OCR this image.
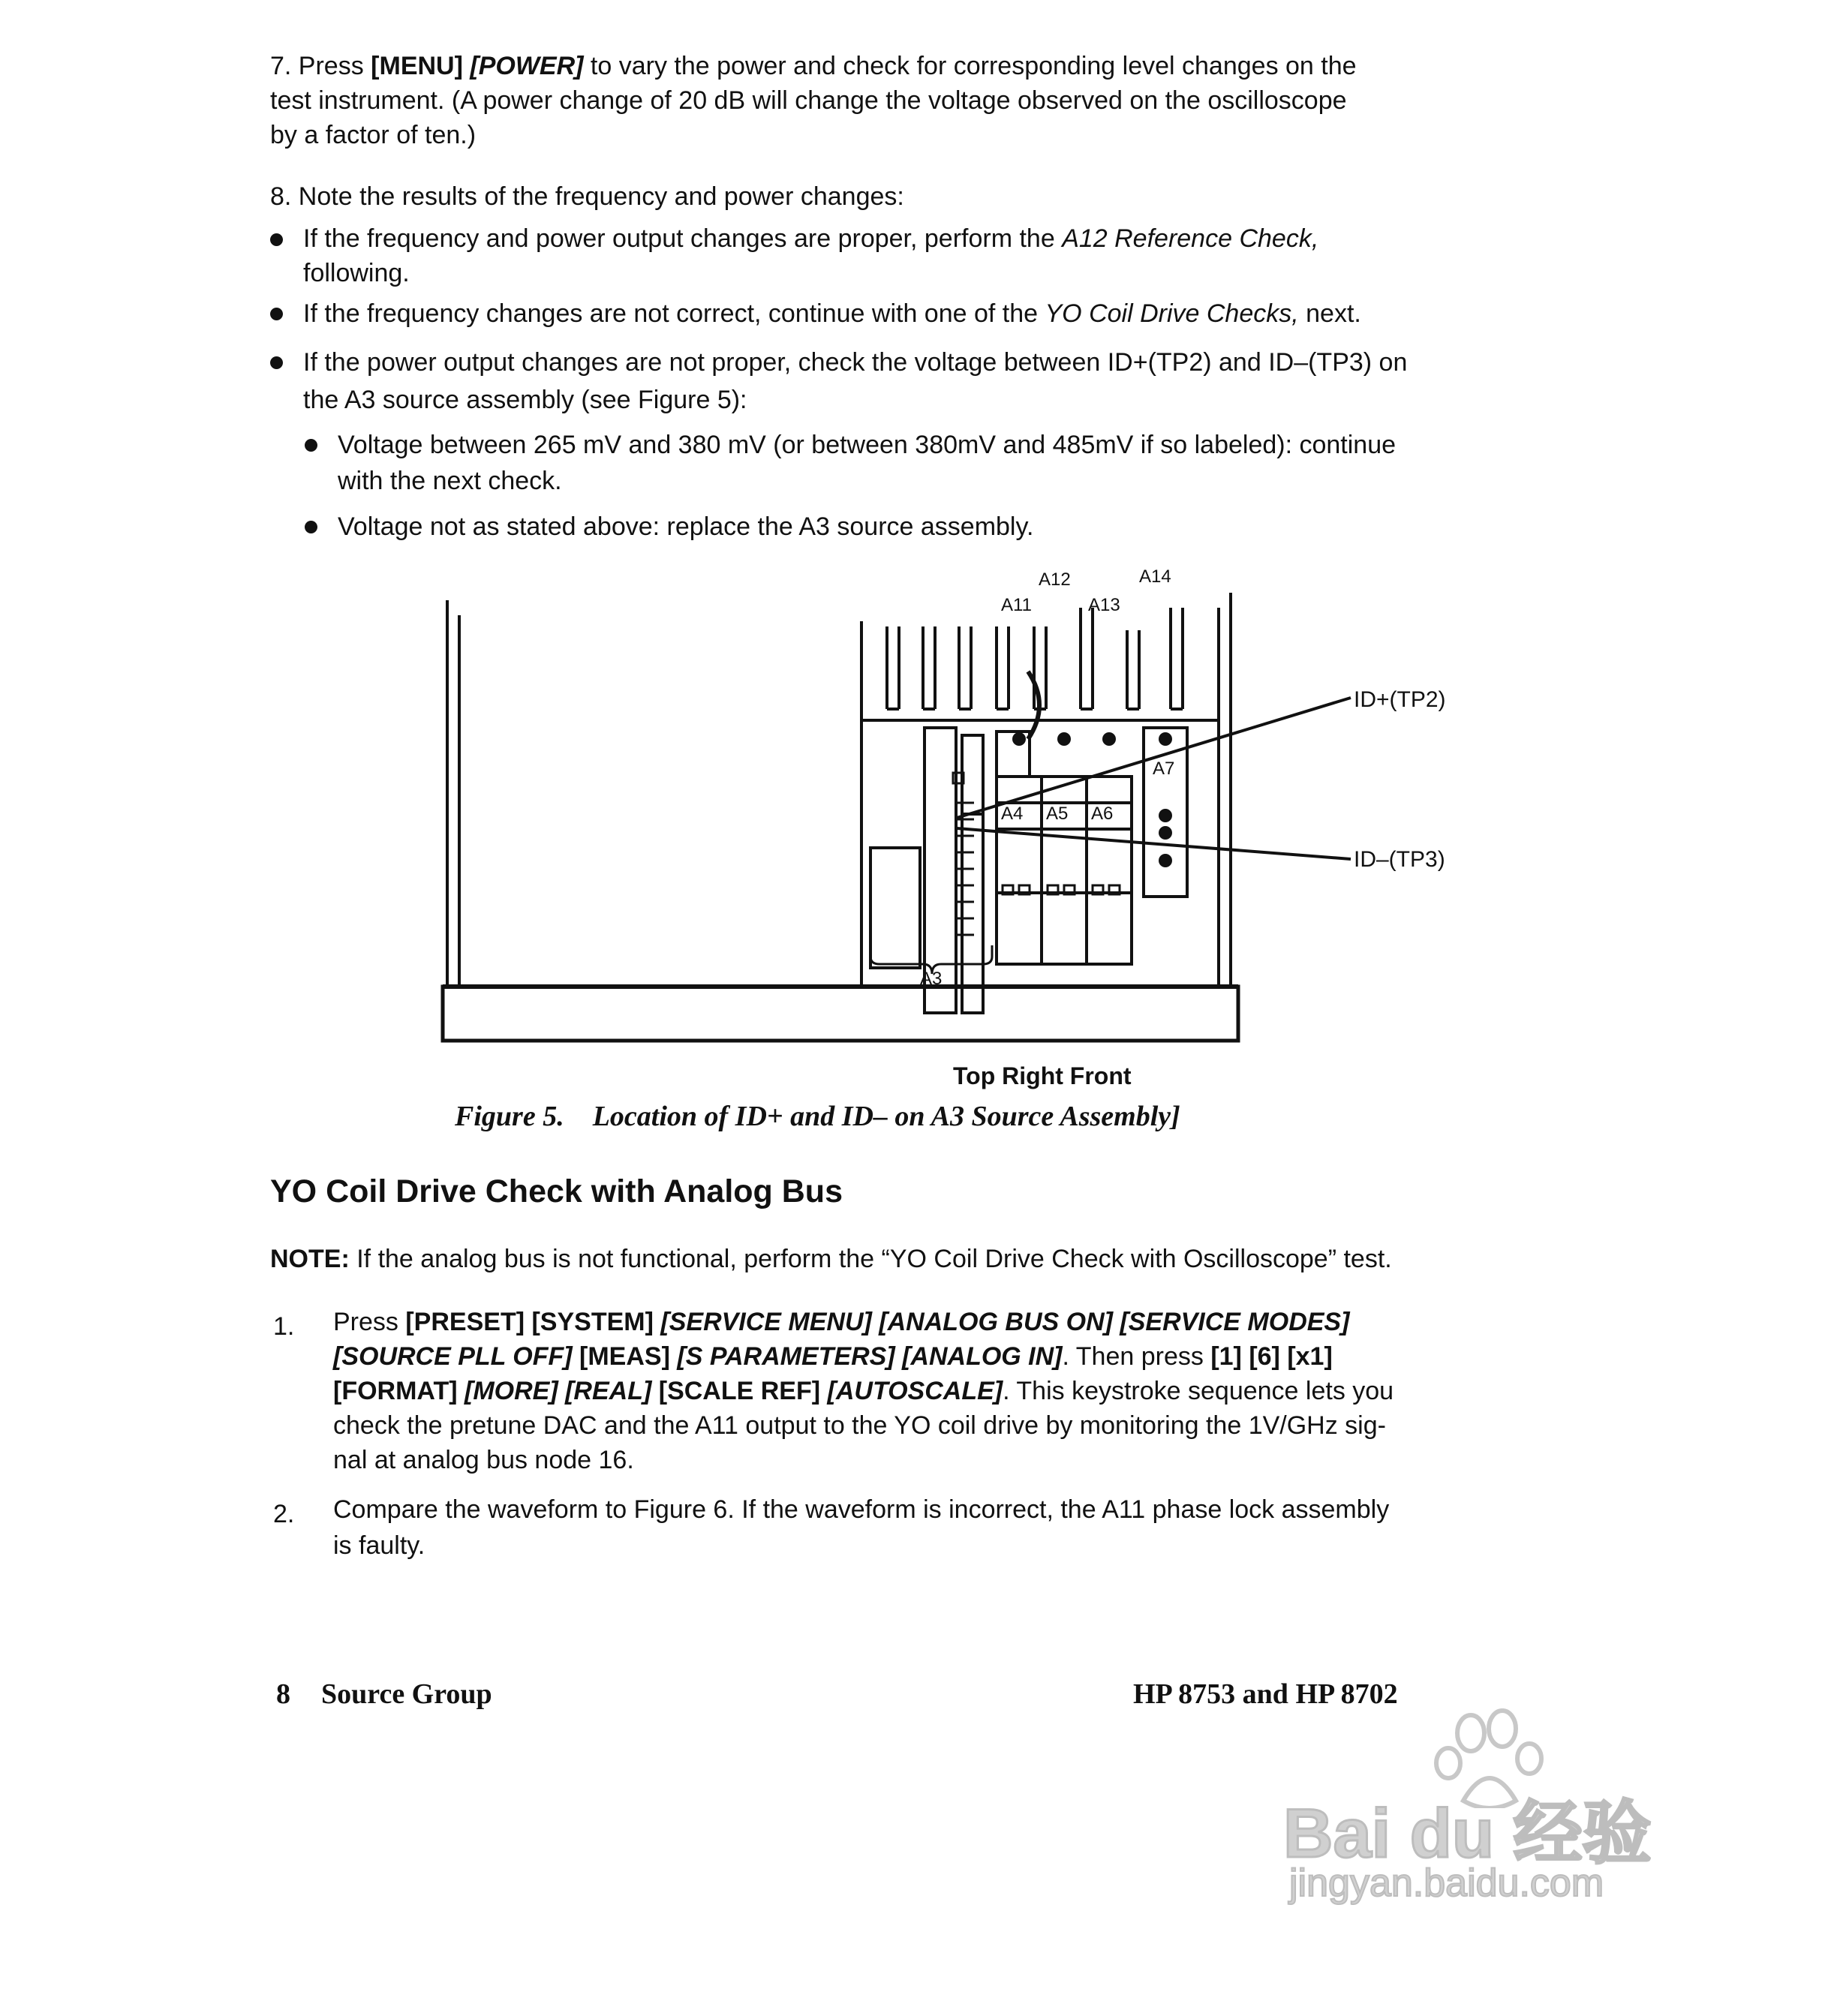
7. Press [MENU] [POWER] to vary the power and check for corresponding level changes on the
test instrument. (A power change of 20 dB will change the voltage observed on the oscilloscope
by a factor of ten.)
8. Note the results of the frequency and power changes:
If the frequency and power output changes are proper, perform the A12 Reference Check,
following.
If the frequency changes are not correct, continue with one of the YO Coil Drive Checks, next.
If the power output changes are not proper, check the voltage between ID+(TP2) and ID–(TP3) on
the A3 source assembly (see Figure 5):
Voltage between 265 mV and 380 mV (or between 380mV and 485mV if so labeled): continue
with the next check.
Voltage not as stated above: replace the A3 source assembly.
A11
A12
A13
A14
A4 A5 A6
A7
A3
ID+(TP2)
ID–(TP3)
Top Right Front
Figure 5. Location of ID+ and ID– on A3 Source Assembly]
YO Coil Drive Check with Analog Bus
NOTE: If the analog bus is not functional, perform the “YO Coil Drive Check with Oscilloscope” test.
1. Press [PRESET] [SYSTEM] [SERVICE MENU] [ANALOG BUS ON] [SERVICE MODES]
[SOURCE PLL OFF] [MEAS] [S PARAMETERS] [ANALOG IN]. Then press [1] [6] [x1]
[FORMAT] [MORE] [REAL] [SCALE REF] [AUTOSCALE]. This keystroke sequence lets you
check the pretune DAC and the A11 output to the YO coil drive by monitoring the 1V/GHz sig-
nal at analog bus node 16.
2. Compare the waveform to Figure 6. If the waveform is incorrect, the A11 phase lock assembly
is faulty.
8 Source Group	HP 8753 and HP 8702
Bai du 经验
jingyan.baidu.com
